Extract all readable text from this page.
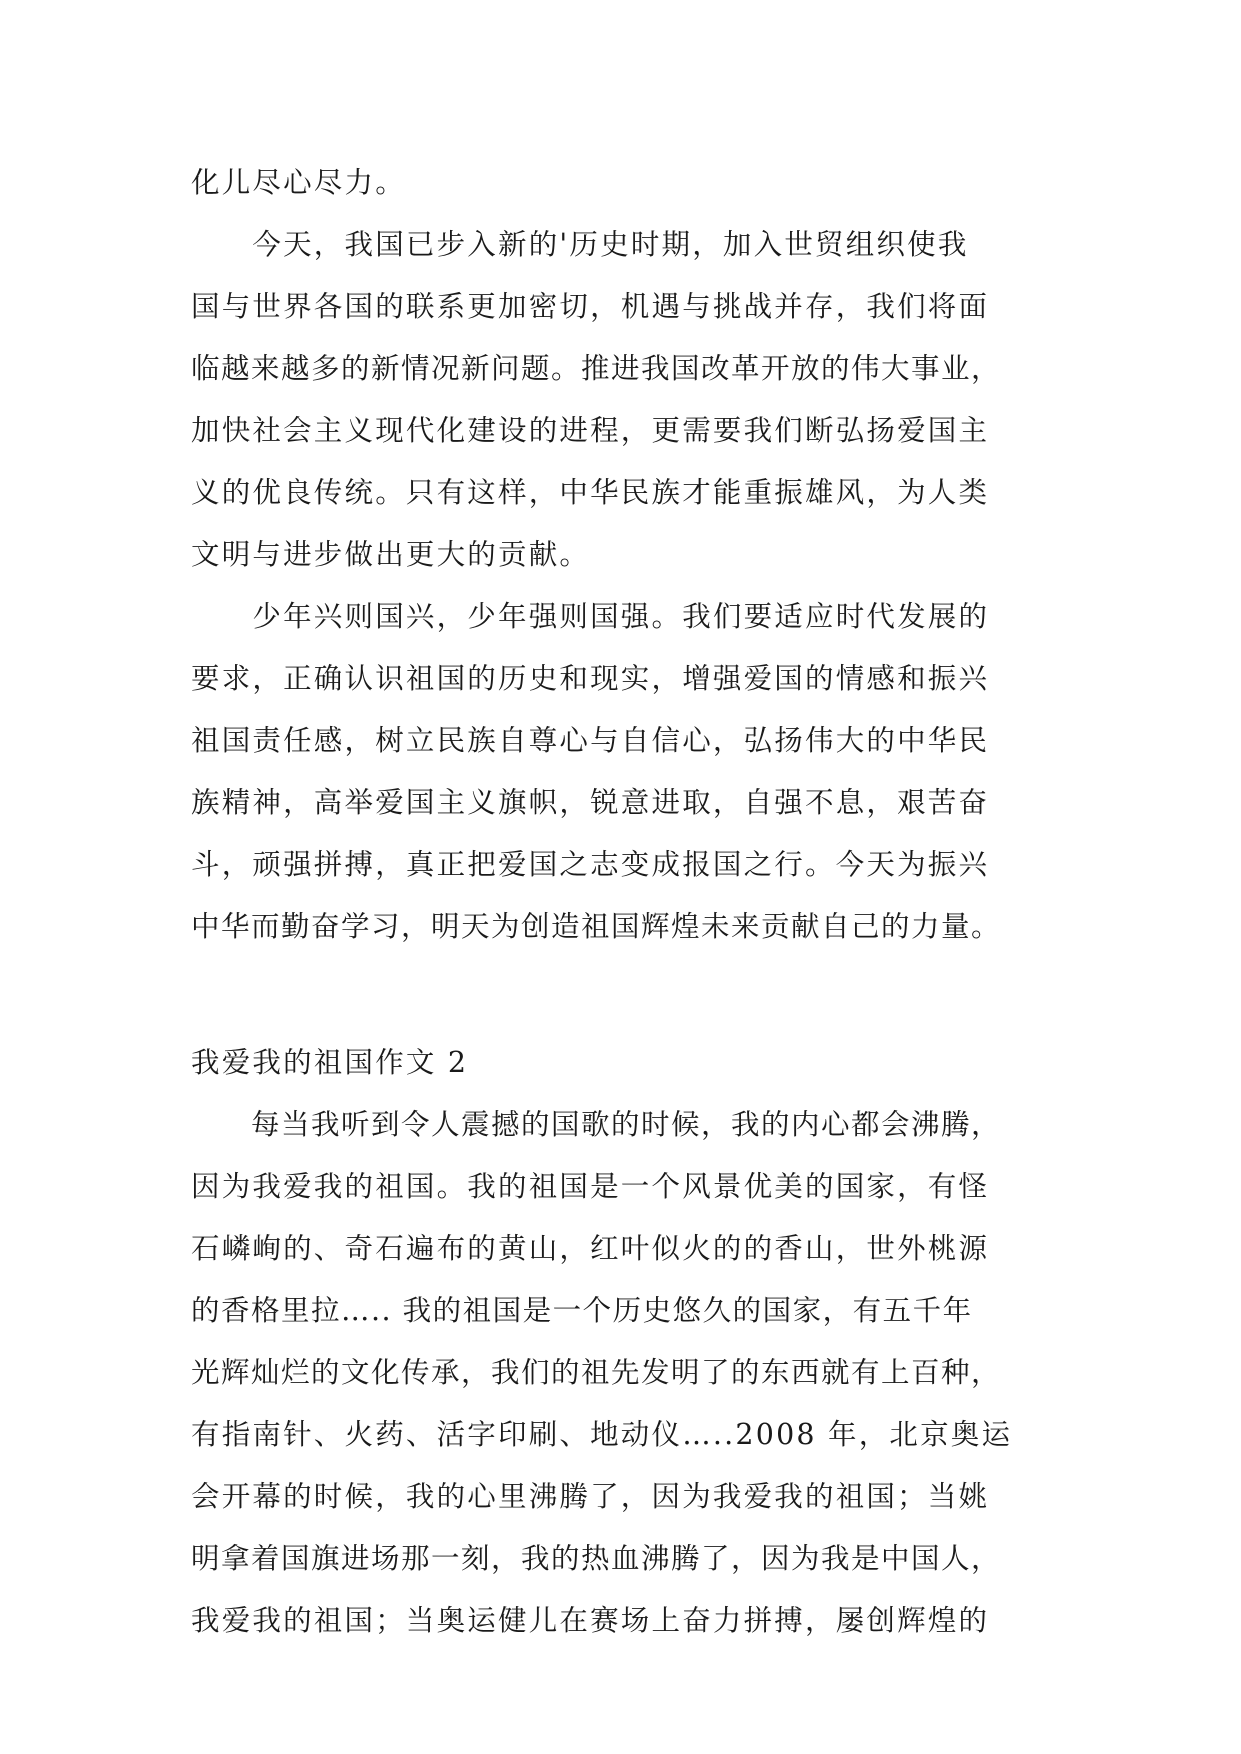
化儿尽心尽力。
　　今天，我国已步入新的'历史时期，加入世贸组织使我
国与世界各国的联系更加密切，机遇与挑战并存，我们将面
临越来越多的新情况新问题。推进我国改革开放的伟大事业，
加快社会主义现代化建设的进程，更需要我们断弘扬爱国主
义的优良传统。只有这样，中华民族才能重振雄风，为人类
文明与进步做出更大的贡献。
　　少年兴则国兴，少年强则国强。我们要适应时代发展的
要求，正确认识祖国的历史和现实，增强爱国的情感和振兴
祖国责任感，树立民族自尊心与自信心，弘扬伟大的中华民
族精神，高举爱国主义旗帜，锐意进取，自强不息，艰苦奋
斗，顽强拼搏，真正把爱国之志变成报国之行。今天为振兴
中华而勤奋学习，明天为创造祖国辉煌未来贡献自己的力量。
我爱我的祖国作文 2
　　每当我听到令人震撼的国歌的时候，我的内心都会沸腾，
因为我爱我的祖国。我的祖国是一个风景优美的国家，有怪
石嶙峋的、奇石遍布的黄山，红叶似火的的香山，世外桃源
的香格里拉….. 我的祖国是一个历史悠久的国家，有五千年
光辉灿烂的文化传承，我们的祖先发明了的东西就有上百种，
有指南针、火药、活字印刷、地动仪…..2008 年，北京奥运
会开幕的时候，我的心里沸腾了，因为我爱我的祖国；当姚
明拿着国旗进场那一刻，我的热血沸腾了，因为我是中国人，
我爱我的祖国；当奥运健儿在赛场上奋力拼搏，屡创辉煌的
